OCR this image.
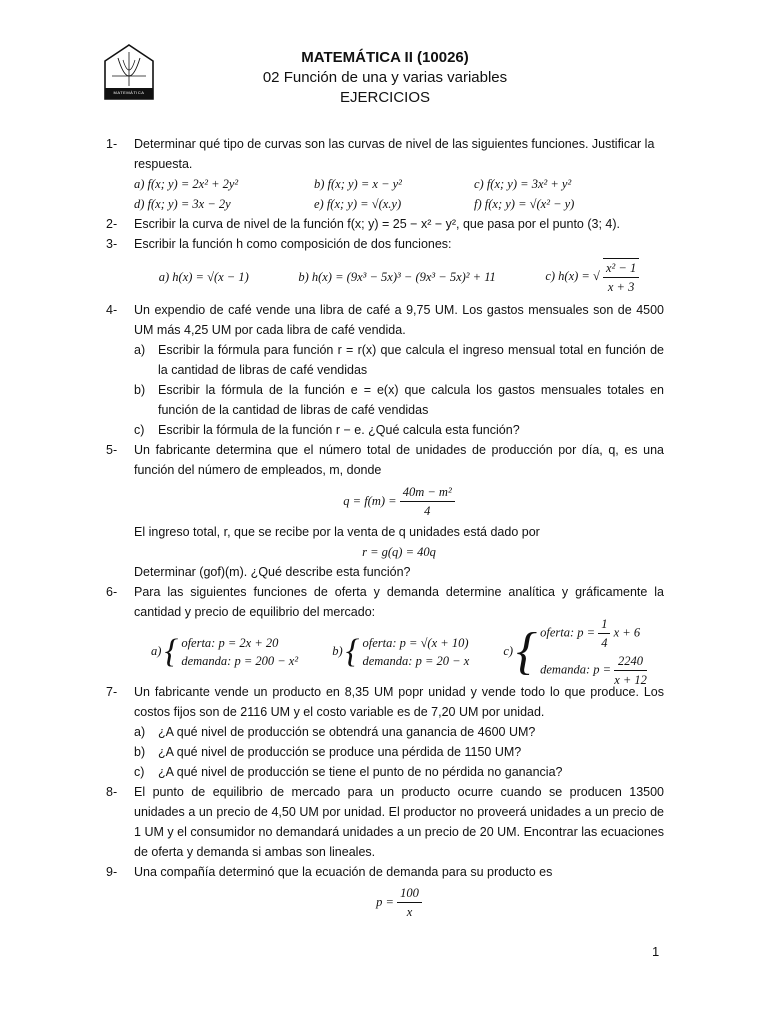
MATEMÁTICA
MATEMÁTICA II (10026)
02 Función de una y varias variables
EJERCICIOS
1- Determinar qué tipo de curvas son las curvas de nivel de las siguientes funciones. Justificar la respuesta.
a) f(x; y) = 2x² + 2y²	b) f(x; y) = x − y²	c) f(x; y) = 3x² + y²
d) f(x; y) = 3x − 2y	e) f(x; y) = √(x.y)	f) f(x; y) = √(x² − y)
2- Escribir la curva de nivel de la función f(x; y) = 25 − x² − y², que pasa por el punto (3; 4).
3- Escribir la función h como composición de dos funciones:
a) h(x) = √(x − 1)	b) h(x) = (9x³ − 5x)³ − (9x³ − 5x)² + 11	c) h(x) = √ $\frac{\text{x² − 1}}{x + 3}$
4- Un expendio de café vende una libra de café a 9,75 UM. Los gastos mensuales son de 4500 UM más 4,25 UM por cada libra de café vendida.
a) Escribir la fórmula para función r = r(x) que calcula el ingreso mensual total en función de la cantidad de libras de café vendidas
b) Escribir la fórmula de la función e = e(x) que calcula los gastos mensuales totales en función de la cantidad de libras de café vendidas
c) Escribir la fórmula de la función r − e. ¿Qué calcula esta función?
5- Un fabricante determina que el número total de unidades de producción por día, q, es una función del número de empleados, m, donde
q = f(m) =
$\frac{\text{40m − m²}}{4}$
El ingreso total, r, que se recibe por la venta de q unidades está dado por
r = g(q) = 40q
Determinar (gof)(m). ¿Qué describe esta función?
6- Para las siguientes funciones de oferta y demanda determine analítica y gráficamente la cantidad y precio de equilibrio del mercado:
a) { oferta: p = 2x + 20
demanda: p = 200 − x²
b) { oferta: p = √(x + 10)
demanda: p = 20 − x
c) { oferta: $p = \frac{1}{4}$ x + 6
demanda: $p = \frac{2240}{x + 12}$
7- Un fabricante vende un producto en 8,35 UM popr unidad y vende todo lo que produce. Los costos fijos son de 2116 UM y el costo variable es de 7,20 UM por unidad.
a) ¿A qué nivel de producción se obtendrá una ganancia de 4600 UM?
b) ¿A qué nivel de producción se produce una pérdida de 1150 UM?
c) ¿A qué nivel de producción se tiene el punto de no pérdida no ganancia?
8- El punto de equilibrio de mercado para un producto ocurre cuando se producen 13500 unidades a un precio de 4,50 UM por unidad. El productor no proveerá unidades a un precio de 1 UM y el consumidor no demandará unidades a un precio de 20 UM. Encontrar las ecuaciones de oferta y demanda si ambas son lineales.
9- Una compañía determinó que la ecuación de demanda para su producto es
p =
$\frac{100}{x}$
1
